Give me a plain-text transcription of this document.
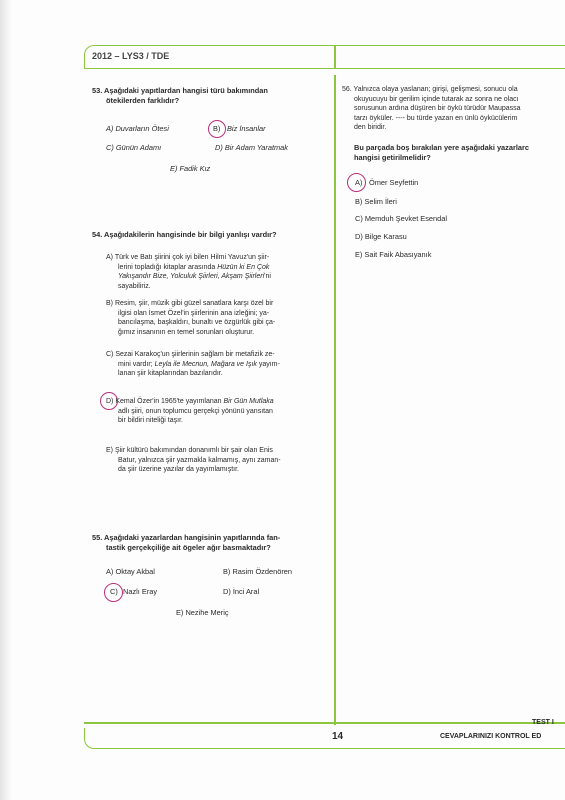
2012 – LYS3 / TDE
53. Aşağıdaki yapıtlardan hangisi türü bakımından
ötekilerden farklıdır?
A) Duvarların Ötesi	B) Biz İnsanlar
C) Günün Adamı	D) Bir Adam Yaratmak
E) Fadik Kız
54. Aşağıdakilerin hangisinde bir bilgi yanlışı vardır?
A) Türk ve Batı şiirini çok iyi bilen Hilmi Yavuz'un şiir-
lerini topladığı kitaplar arasında Hüzün ki En Çok
Yakışandır Bize, Yolculuk Şiirleri, Akşam Şiirleri'ni
sayabiliriz.
B) Resim, şiir, müzik gibi güzel sanatlara karşı özel bir
ilgisi olan İsmet Özel'in şiirlerinin ana izleğini; ya-
bancılaşma, başkaldırı, bunaltı ve özgürlük gibi ça-
ğımız insanının en temel sorunları oluşturur.
C) Sezai Karakoç'un şiirlerinin sağlam bir metafizik ze-
mini vardır; Leyla ile Mecnun, Mağara ve Işık yayım-
lanan şiir kitaplarından bazılarıdır.
D) Kemal Özer'in 1965'te yayımlanan Bir Gün Mutlaka
adlı şiiri, onun toplumcu gerçekçi yönünü yansıtan
bir bildiri niteliği taşır.
E) Şiir kültürü bakımından donanımlı bir şair olan Enis
Batur, yalnızca şiir yazmakla kalmamış, aynı zaman-
da şiir üzerine yazılar da yayımlamıştır.
55. Aşağıdaki yazarlardan hangisinin yapıtlarında fan-
tastik gerçekçiliğe ait ögeler ağır basmaktadır?
A) Oktay Akbal	B) Rasim Özdenören
C) Nazlı Eray	D) İnci Aral
E) Nezihe Meriç
56. Yalnızca olaya yaslanan; girişi, gelişmesi, sonucu ola
okuyucuyu bir gerilim içinde tutarak az sonra ne olacı
sorusunun ardına düşüren bir öykü türüdür Maupassa
tarzı öyküler. ---- bu türde yazan en ünlü öykücülerim
den biridir.
Bu parçada boş bırakılan yere aşağıdaki yazarlarc
hangisi getirilmelidir?
A) Ömer Seyfettin
B) Selim İleri
C) Memduh Şevket Esendal
D) Bilge Karasu
E) Sait Faik Abasıyanık
14
TEST I
CEVAPLARINIZI KONTROL ED
